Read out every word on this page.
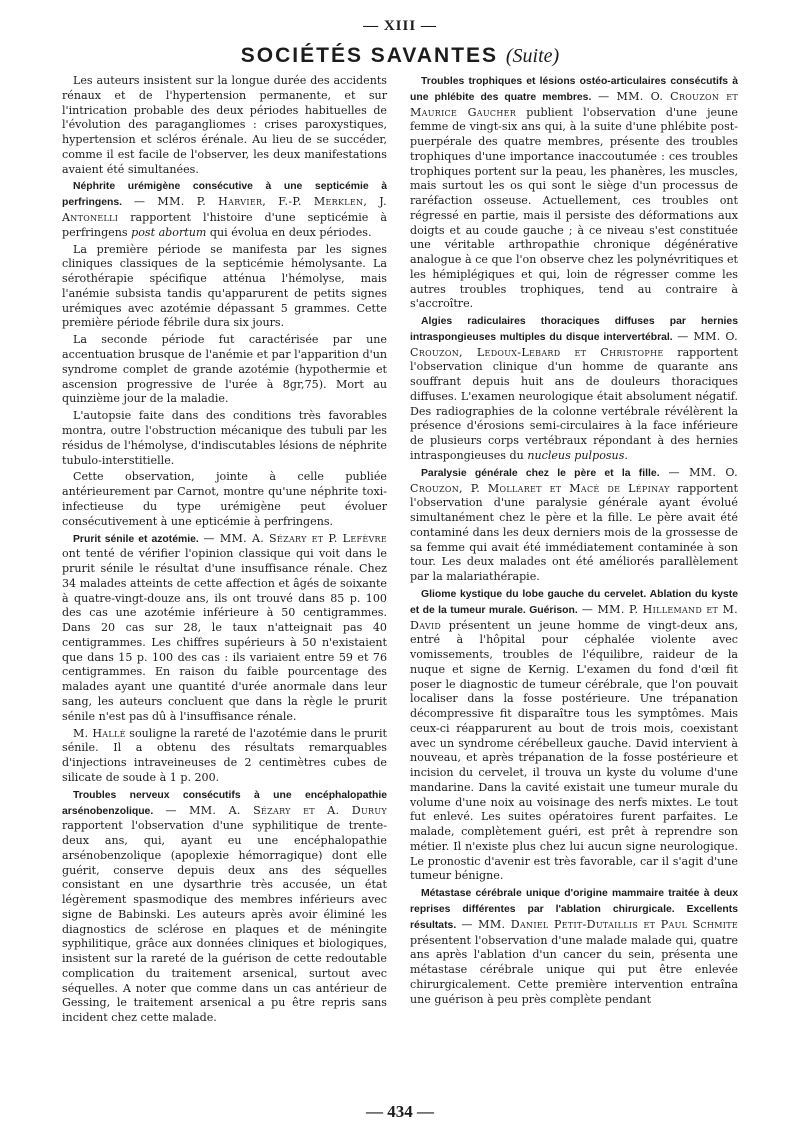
— XIII —
SOCIÉTÉS SAVANTES (Suite)

Les auteurs insistent sur la longue durée des accidents rénaux et de l'hypertension permanente, et sur l'intrication probable des deux périodes habituelles de l'évolution des paragangliomes : crises paroxystiques, hypertension et scléros érénale. Au lieu de se succéder, comme il est facile de l'observer, les deux manifestations avaient été simultanées.

Néphrite urémigène consécutive à une septicémie à perfringens. — MM. P. Harvier, F.-P. Merklen, J. Antonelli rapportent l'histoire d'une septicémie à perfringens post abortum qui évolua en deux périodes.

La première période se manifesta par les signes cliniques classiques de la septicémie hémolysante. La sérothérapie spécifique atténua l'hémolyse, mais l'anémie subsista tandis qu'apparurent de petits signes urémiques avec azotémie dépassant 5 grammes. Cette première période fébrile dura six jours.

La seconde période fut caractérisée par une accentuation brusque de l'anémie et par l'apparition d'un syndrome complet de grande azotémie (hypothermie et ascension progressive de l'urée à 8gr,75). Mort au quinzième jour de la maladie.

L'autopsie faite dans des conditions très favorables montra, outre l'obstruction mécanique des tubuli par les résidus de l'hémolyse, d'indiscutables lésions de néphrite tubulo-interstitielle.

Cette observation, jointe à celle publiée antérieurement par Carnot, montre qu'une néphrite toxi-infectieuse du type urémigène peut évoluer consécutivement à une epticémie à perfringens.

Prurit sénile et azotémie. — MM. A. Sézary et P. Lefèvre ont tenté de vérifier l'opinion classique qui voit dans le prurit sénile le résultat d'une insuffisance rénale. Chez 34 malades atteints de cette affection et âgés de soixante à quatre-vingt-douze ans, ils ont trouvé dans 85 p. 100 des cas une azotémie inférieure à 50 centigrammes. Dans 20 cas sur 28, le taux n'atteignait pas 40 centigrammes. Les chiffres supérieurs à 50 n'existaient que dans 15 p. 100 des cas : ils variaient entre 59 et 76 centigrammes. En raison du faible pourcentage des malades ayant une quantité d'urée anormale dans leur sang, les auteurs concluent que dans la règle le prurit sénile n'est pas dû à l'insuffisance rénale.

M. Hallé souligne la rareté de l'azotémie dans le prurit sénile. Il a obtenu des résultats remarquables d'injections intraveineuses de 2 centimètres cubes de silicate de soude à 1 p. 200.

Troubles nerveux consécutifs à une encéphalopathie arsénobenzolique. — MM. A. Sézary et A. Duruy rapportent l'observation d'une syphilitique de trente-deux ans, qui, ayant eu une encéphalopathie arsénobenzolique (apoplexie hémorragique) dont elle guérit, conserve depuis deux ans des séquelles consistant en une dysarthrie très accusée, un état légèrement spasmodique des membres inférieurs avec signe de Babinski. Les auteurs après avoir éliminé les diagnostics de sclérose en plaques et de méningite syphilitique, grâce aux données cliniques et biologiques, insistent sur la rareté de la guérison de cette redoutable complication du traitement arsenical, surtout avec séquelles. A noter que comme dans un cas antérieur de Gessing, le traitement arsenical a pu être repris sans incident chez cette malade.

Troubles trophiques et lésions ostéo-articulaires consécutifs à une phlébite des quatre membres. — MM. O. Crouzon et Maurice Gaucher publient l'observation d'une jeune femme de vingt-six ans qui, à la suite d'une phlébite post-puerpérale des quatre membres, présente des troubles trophiques d'une importance inaccoutumée : ces troubles trophiques portent sur la peau, les phanères, les muscles, mais surtout les os qui sont le siège d'un processus de raréfaction osseuse. Actuellement, ces troubles ont régressé en partie, mais il persiste des déformations aux doigts et au coude gauche ; à ce niveau s'est constituée une véritable arthropathie chronique dégénérative analogue à ce que l'on observe chez les polynévritiques et les hémiplégiques et qui, loin de régresser comme les autres troubles trophiques, tend au contraire à s'accroître.

Algies radiculaires thoraciques diffuses par hernies intraspongieuses multiples du disque intervertébral. — MM. O. Crouzon, Ledoux-Lebard et Christophe rapportent l'observation clinique d'un homme de quarante ans souffrant depuis huit ans de douleurs thoraciques diffuses. L'examen neurologique était absolument négatif. Des radiographies de la colonne vertébrale révélèrent la présence d'érosions semi-circulaires à la face inférieure de plusieurs corps vertébraux répondant à des hernies intraspongieuses du nucleus pulposus.

Paralysie générale chez le père et la fille. — MM. O. Crouzon, P. Mollaret et Macé de Lépinay rapportent l'observation d'une paralysie générale ayant évolué simultanément chez le père et la fille. Le père avait été contaminé dans les deux derniers mois de la grossesse de sa femme qui avait été immédiatement contaminée à son tour. Les deux malades ont été améliorés parallèlement par la malariathérapie.

Gliome kystique du lobe gauche du cervelet. Ablation du kyste et de la tumeur murale. Guérison. — MM. P. Hillemand et M. David présentent un jeune homme de vingt-deux ans, entré à l'hôpital pour céphalée violente avec vomissements, troubles de l'équilibre, raideur de la nuque et signe de Kernig. L'examen du fond d'œil fit poser le diagnostic de tumeur cérébrale, que l'on pouvait localiser dans la fosse postérieure. Une trépanation décompressive fit disparaître tous les symptômes. Mais ceux-ci réapparurent au bout de trois mois, coexistant avec un syndrome cérébelleux gauche. David intervient à nouveau, et après trépanation de la fosse postérieure et incision du cervelet, il trouva un kyste du volume d'une mandarine. Dans la cavité existait une tumeur murale du volume d'une noix au voisinage des nerfs mixtes. Le tout fut enlevé. Les suites opératoires furent parfaites. Le malade, complètement guéri, est prêt à reprendre son métier. Il n'existe plus chez lui aucun signe neurologique. Le pronostic d'avenir est très favorable, car il s'agit d'une tumeur bénigne.

Métastase cérébrale unique d'origine mammaire traitée à deux reprises différentes par l'ablation chirurgicale. Excellents résultats. — MM. Daniel Petit-Dutaillis et Paul Schmite présentent l'observation d'une malade malade qui, quatre ans après l'ablation d'un cancer du sein, présenta une métastase cérébrale unique qui put être enlevée chirurgicalement. Cette première intervention entraîna une guérison à peu près complète pendant

— 434 —
